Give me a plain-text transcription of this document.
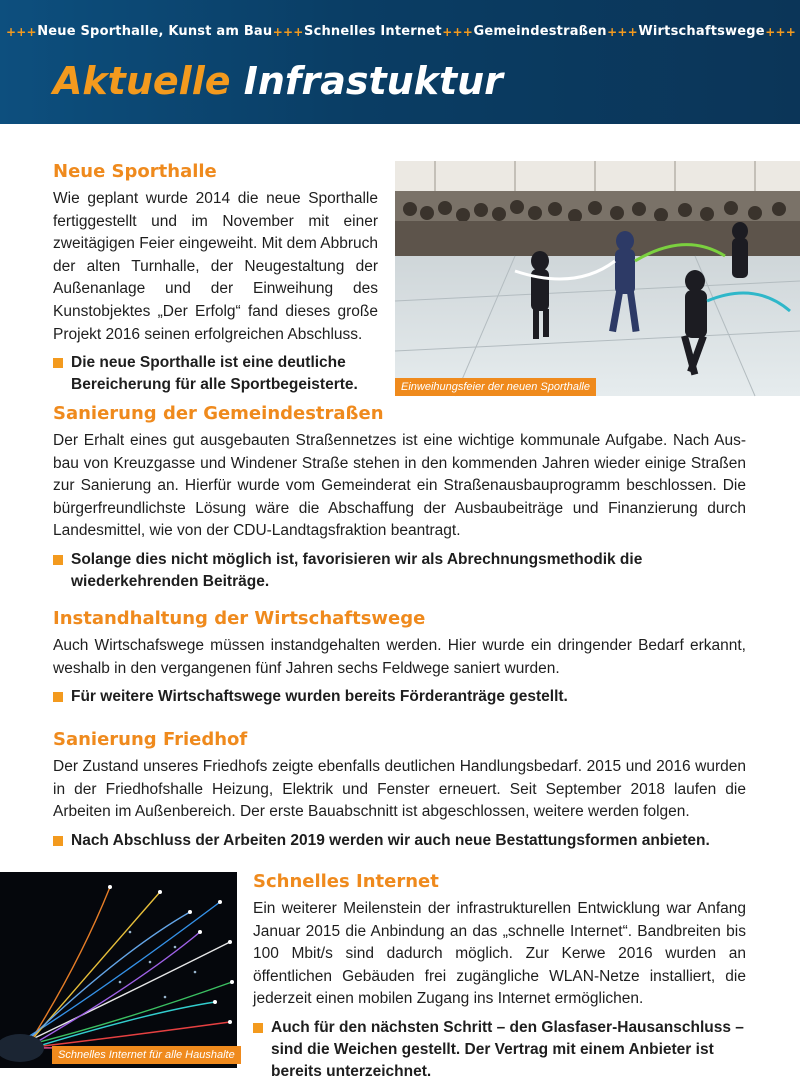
+++ Neue Sporthalle, Kunst am Bau +++ Schnelles Internet +++ Gemeindestraßen +++ Wirtschaftswege +++
Aktuelle Infrastuktur
Neue Sporthalle

Wie geplant wurde 2014 die neue Sporthalle fertiggestellt und im November mit einer zweitägigen Feier eingeweiht. Mit dem Abbruch der alten Turnhalle, der Neugestaltung der Außenanlage und der Einweihung des Kunstobjektes „Der Erfolg“ fand dieses große Projekt 2016 seinen erfolgreichen Abschluss.

Die neue Sporthalle ist eine deutliche Bereicherung für alle Sportbegeisterte.	Einweihungsfeier der neuen Sporthalle
Sanierung der Gemeindestraßen

Der Erhalt eines gut ausgebauten Straßennetzes ist eine wichtige kommunale Aufgabe. Nach Ausbau von Kreuzgasse und Windener Straße stehen in den kommenden Jahren wieder einige Straßen zur Sanierung an. Hierfür wurde vom Gemeinderat ein Straßenausbauprogramm beschlossen. Die bürgerfreundlichste Lösung wäre die Abschaffung der Ausbaubeiträge und Finanzierung durch Landesmittel, wie von der CDU-Landtagsfraktion beantragt.

Solange dies nicht möglich ist, favorisieren wir als Abrechnungsmethodik die wiederkehrenden Beiträge.
Instandhaltung der Wirtschaftswege

Auch Wirtschafswege müssen instandgehalten werden. Hier wurde ein dringender Bedarf erkannt, weshalb in den vergangenen fünf Jahren sechs Feldwege saniert wurden.

Für weitere Wirtschaftswege wurden bereits Förderanträge gestellt.
Sanierung Friedhof

Der Zustand unseres Friedhofs zeigte ebenfalls deutlichen Handlungsbedarf. 2015 und 2016 wurden in der Friedhofshalle Heizung, Elektrik und Fenster erneuert. Seit September 2018 laufen die Arbeiten im Außenbereich. Der erste Bauabschnitt ist abgeschlossen, weitere werden folgen.

Nach Abschluss der Arbeiten 2019 werden wir auch neue Bestattungsformen anbieten.
Schnelles Internet für alle Haushalte
Schnelles Internet

Ein weiterer Meilenstein der infrastrukturellen Entwicklung war Anfang Januar 2015 die Anbindung an das „schnelle Internet“. Bandbreiten bis 100 Mbit/s sind dadurch möglich. Zur Kerwe 2016 wurden an öffentlichen Gebäuden frei zugängliche WLAN-Netze installiert, die jederzeit einen mobilen Zugang ins Internet ermöglichen.

Auch für den nächsten Schritt – den Glasfaser-Hausanschluss – sind die Weichen gestellt. Der Vertrag mit einem Anbieter ist bereits unterzeichnet.
